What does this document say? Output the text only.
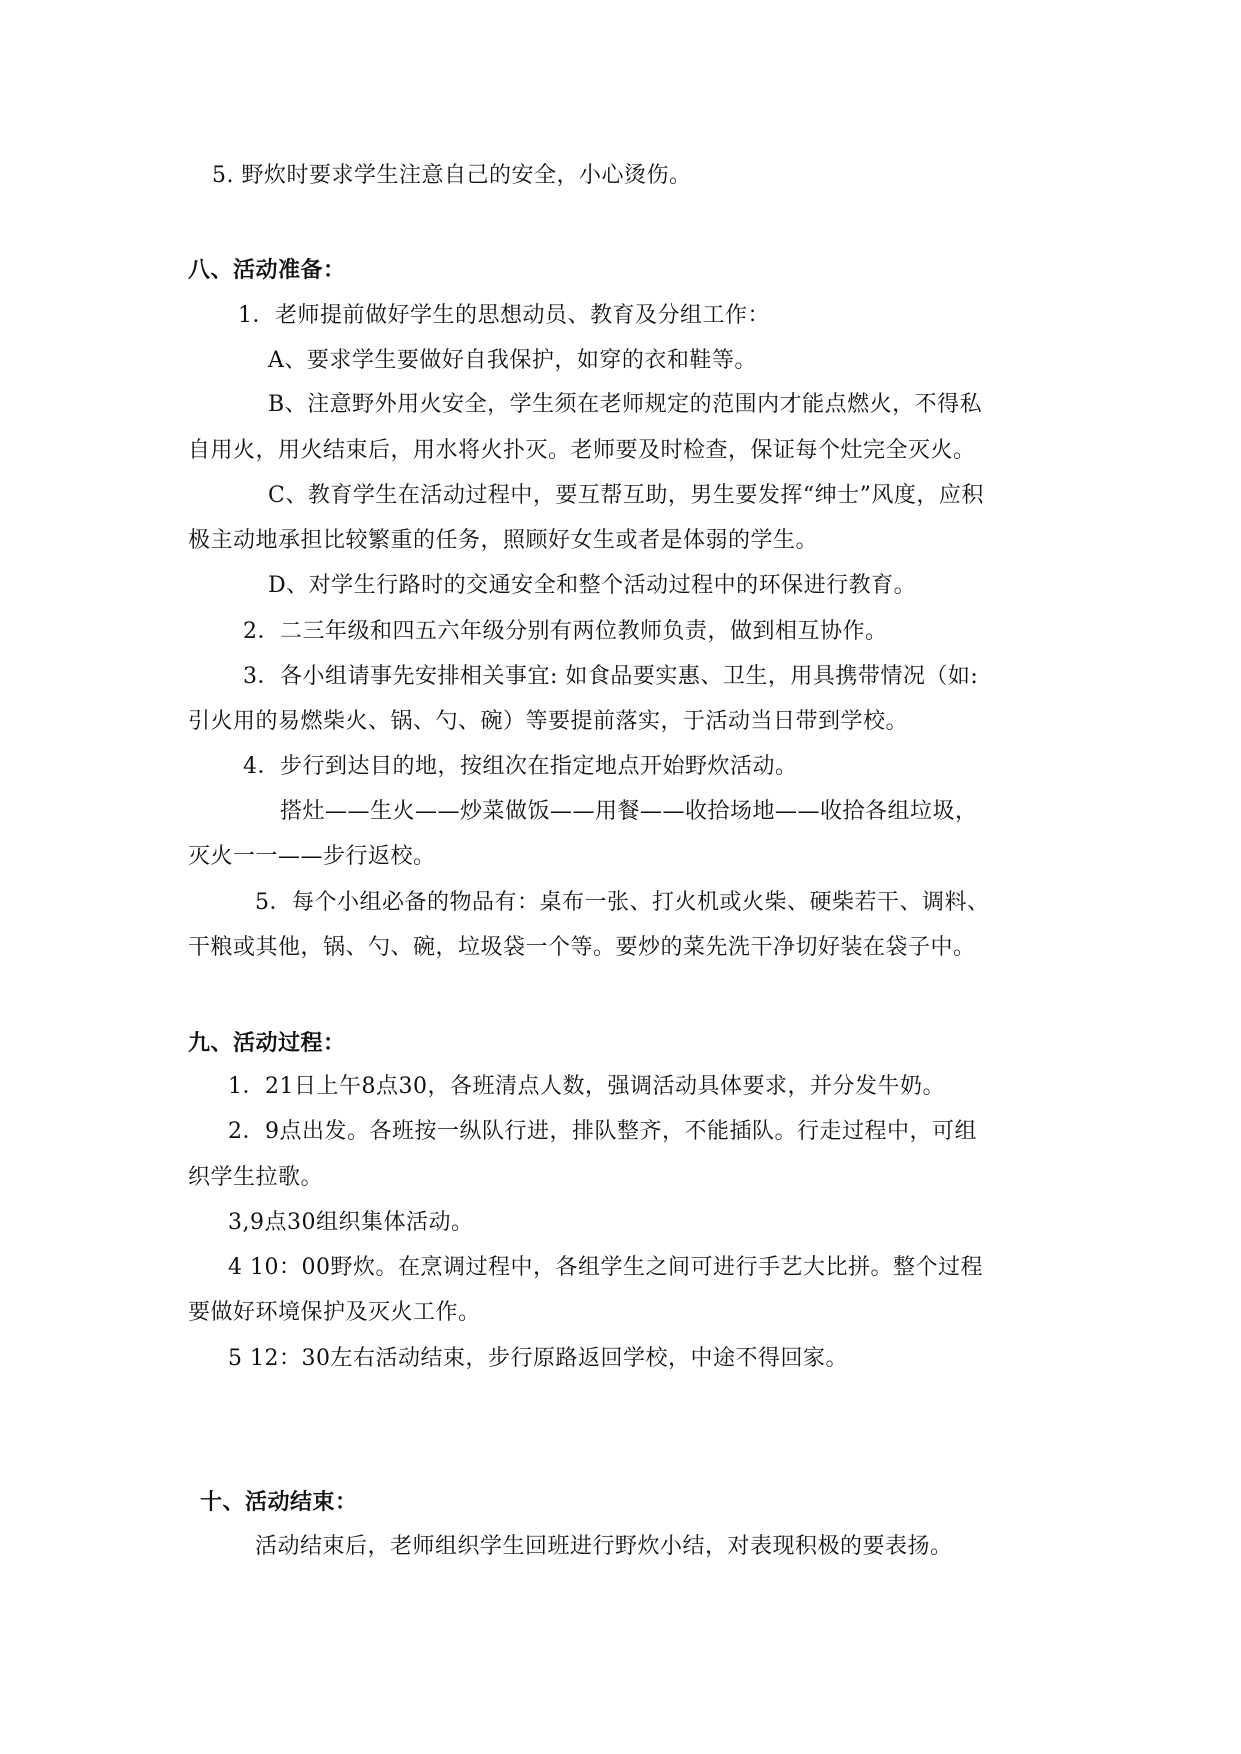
5. 野炊时要求学生注意自己的安全，小心烫伤。
八、活动准备：
1．老师提前做好学生的思想动员、教育及分组工作：
A、要求学生要做好自我保护，如穿的衣和鞋等。
B、注意野外用火安全，学生须在老师规定的范围内才能点燃火，不得私
自用火，用火结束后，用水将火扑灭。老师要及时检查，保证每个灶完全灭火。
C、教育学生在活动过程中，要互帮互助，男生要发挥“绅士”风度，应积
极主动地承担比较繁重的任务，照顾好女生或者是体弱的学生。
D、对学生行路时的交通安全和整个活动过程中的环保进行教育。
2．二三年级和四五六年级分别有两位教师负责，做到相互协作。
3．各小组请事先安排相关事宜: 如食品要实惠、卫生，用具携带情况（如:
引火用的易燃柴火、锅、勺、碗）等要提前落实，于活动当日带到学校。
4．步行到达目的地，按组次在指定地点开始野炊活动。
搭灶——生火——炒菜做饭——用餐——收拾场地——收拾各组垃圾，
灭火一一——步行返校。
5．每个小组必备的物品有：桌布一张、打火机或火柴、硬柴若干、调料、
干粮或其他，锅、勺、碗，垃圾袋一个等。要炒的菜先洗干净切好装在袋子中。
九、活动过程：
1．21日上午8点30，各班清点人数，强调活动具体要求，并分发牛奶。
2．9点出发。各班按一纵队行进，排队整齐，不能插队。行走过程中，可组
织学生拉歌。
3,9点30组织集体活动。
4 10：00野炊。在烹调过程中，各组学生之间可进行手艺大比拼。整个过程
要做好环境保护及灭火工作。
5 12：30左右活动结束，步行原路返回学校，中途不得回家。
十、活动结束：
活动结束后，老师组织学生回班进行野炊小结，对表现积极的要表扬。
